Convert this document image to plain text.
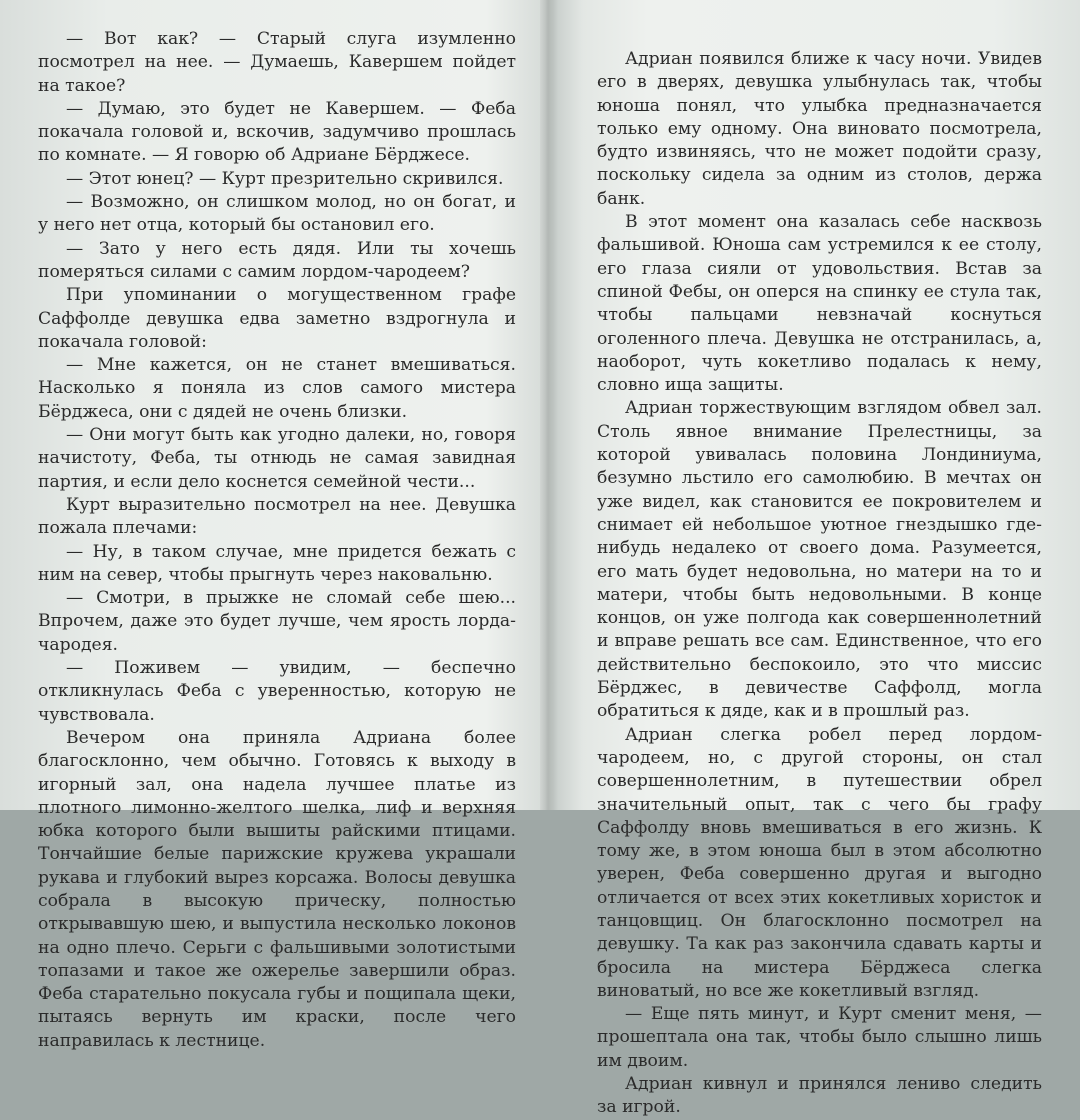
— Вот как? — Старый слуга изумленно посмотрел на нее. — Думаешь, Кавершем пойдет на такое?

— Думаю, это будет не Кавершем. — Феба покачала головой и, вскочив, задумчиво прошлась по комнате. — Я говорю об Адриане Бёрджесе.

— Этот юнец? — Курт презрительно скривился.

— Возможно, он слишком молод, но он богат, и у него нет отца, который бы остановил его.

— Зато у него есть дядя. Или ты хочешь померяться силами с самим лордом-чародеем?

При упоминании о могущественном графе Саффолде девушка едва заметно вздрогнула и покачала головой:

— Мне кажется, он не станет вмешиваться. Насколько я поняла из слов самого мистера Бёрджеса, они с дядей не очень близки.

— Они могут быть как угодно далеки, но, говоря начистоту, Феба, ты отнюдь не самая завидная партия, и если дело коснется семейной чести...

Курт выразительно посмотрел на нее. Девушка пожала плечами:

— Ну, в таком случае, мне придется бежать с ним на север, чтобы прыгнуть через наковальню.

— Смотри, в прыжке не сломай себе шею... Впрочем, даже это будет лучше, чем ярость лорда-чародея.

— Поживем — увидим, — беспечно откликнулась Феба с уверенностью, которую не чувствовала.

Вечером она приняла Адриана более благосклонно, чем обычно. Готовясь к выходу в игорный зал, она надела лучшее платье из плотного лимонно-желтого шелка, лиф и верхняя юбка которого были вышиты райскими птицами. Тончайшие белые парижские кружева украшали рукава и глубокий вырез корсажа. Волосы девушка собрала в высокую прическу, полностью открывавшую шею, и выпустила несколько локонов на одно плечо. Серьги с фальшивыми золотистыми топазами и такое же ожерелье завершили образ. Феба старательно покусала губы и пощипала щеки, пытаясь вернуть им краски, после чего направилась к лестнице.

Адриан появился ближе к часу ночи. Увидев его в дверях, девушка улыбнулась так, чтобы юноша понял, что улыбка предназначается только ему одному. Она виновато посмотрела, будто извиняясь, что не может подойти сразу, поскольку сидела за одним из столов, держа банк.

В этот момент она казалась себе насквозь фальшивой. Юноша сам устремился к ее столу, его глаза сияли от удовольствия. Встав за спиной Фебы, он оперся на спинку ее стула так, чтобы пальцами невзначай коснуться оголенного плеча. Девушка не отстранилась, а, наоборот, чуть кокетливо подалась к нему, словно ища защиты.

Адриан торжествующим взглядом обвел зал. Столь явное внимание Прелестницы, за которой увивалась половина Лондиниума, безумно льстило его самолюбию. В мечтах он уже видел, как становится ее покровителем и снимает ей небольшое уютное гнездышко где-нибудь недалеко от своего дома. Разумеется, его мать будет недовольна, но матери на то и матери, чтобы быть недовольными. В конце концов, он уже полгода как совершеннолетний и вправе решать все сам. Единственное, что его действительно беспокоило, это что миссис Бёрджес, в девичестве Саффолд, могла обратиться к дяде, как и в прошлый раз.

Адриан слегка робел перед лордом-чародеем, но, с другой стороны, он стал совершеннолетним, в путешествии обрел значительный опыт, так с чего бы графу Саффолду вновь вмешиваться в его жизнь. К тому же, в этом юноша был в этом абсолютно уверен, Феба совершенно другая и выгодно отличается от всех этих кокетливых хористок и танцовщиц. Он благосклонно посмотрел на девушку. Та как раз закончила сдавать карты и бросила на мистера Бёрджеса слегка виноватый, но все же кокетливый взгляд.

— Еще пять минут, и Курт сменит меня, — прошептала она так, чтобы было слышно лишь им двоим.

Адриан кивнул и принялся лениво следить за игрой.
